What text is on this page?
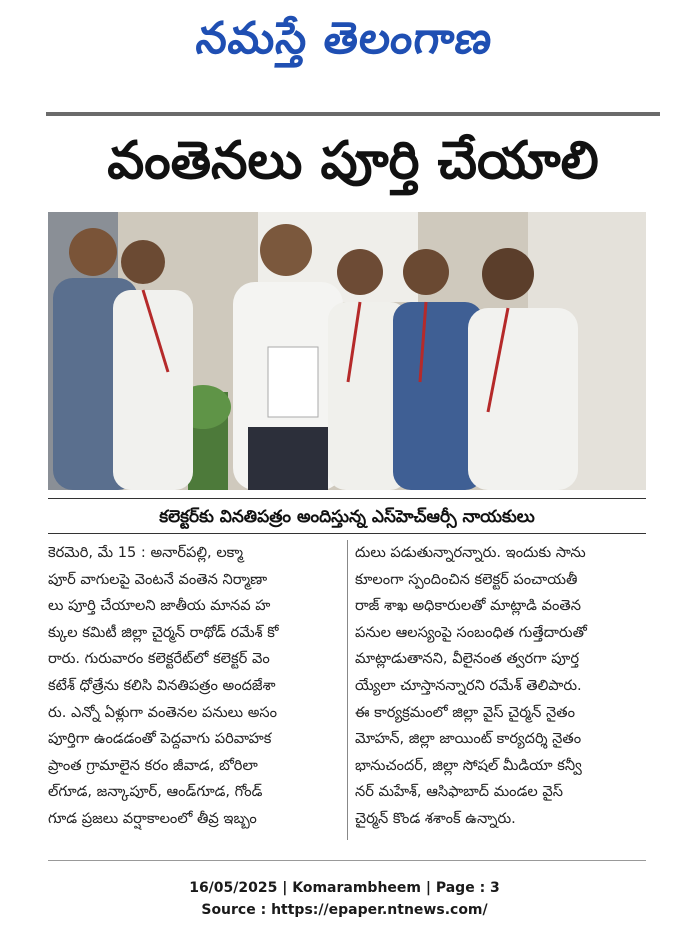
నమస్తే తెలంగాణ
వంతెనలు పూర్తి చేయాలి
కలెక్టర్‌కు వినతిపత్రం అందిస్తున్న ఎస్‌హెచ్‌ఆర్సీ నాయకులు
కెరమెరి, మే 15 : అనార్‌పల్లి, లక్మా
పూర్ వాగులపై వెంటనే వంతెన నిర్మాణా
లు పూర్తి చేయాలని జాతీయ మానవ హ
క్కుల కమిటీ జిల్లా చైర్మన్ రాథోడ్ రమేశ్ కో
రారు. గురువారం కలెక్టరేట్‌లో కలెక్టర్ వెం
కటేశ్ ధోత్రేను కలిసి వినతిపత్రం అందజేశా
రు. ఎన్నో ఏళ్లుగా వంతెనల పనులు అసం
పూర్తిగా ఉండడంతో పెద్దవాగు పరివాహక
ప్రాంత గ్రామాలైన కరం జీవాడ, బోరిలా
ల్‌గూడ, జన్కాపూర్, ఆండ్‌గూడ, గోండ్
గూడ ప్రజలు వర్షాకాలంలో తీవ్ర ఇబ్బం
దులు పడుతున్నారన్నారు. ఇందుకు సాను
కూలంగా స్పందించిన కలెక్టర్ పంచాయతీ
రాజ్ శాఖ అధికారులతో మాట్లాడి వంతెన
పనుల ఆలస్యంపై సంబంధిత గుత్తేదారుతో
మాట్లాడుతానని, వీలైనంత త్వరగా పూర్త
య్యేలా చూస్తానన్నారని రమేశ్ తెలిపారు.
ఈ కార్యక్రమంలో జిల్లా వైస్ చైర్మన్ నైతం
మోహన్, జిల్లా జాయింట్ కార్యదర్శి నైతం
భానుచందర్, జిల్లా సోషల్ మీడియా కన్వీ
నర్ మహేశ్, ఆసిఫాబాద్ మండల వైస్
చైర్మన్ కొండ శశాంక్ ఉన్నారు.
16/05/2025 | Komarambheem | Page : 3
Source : https://epaper.ntnews.com/
